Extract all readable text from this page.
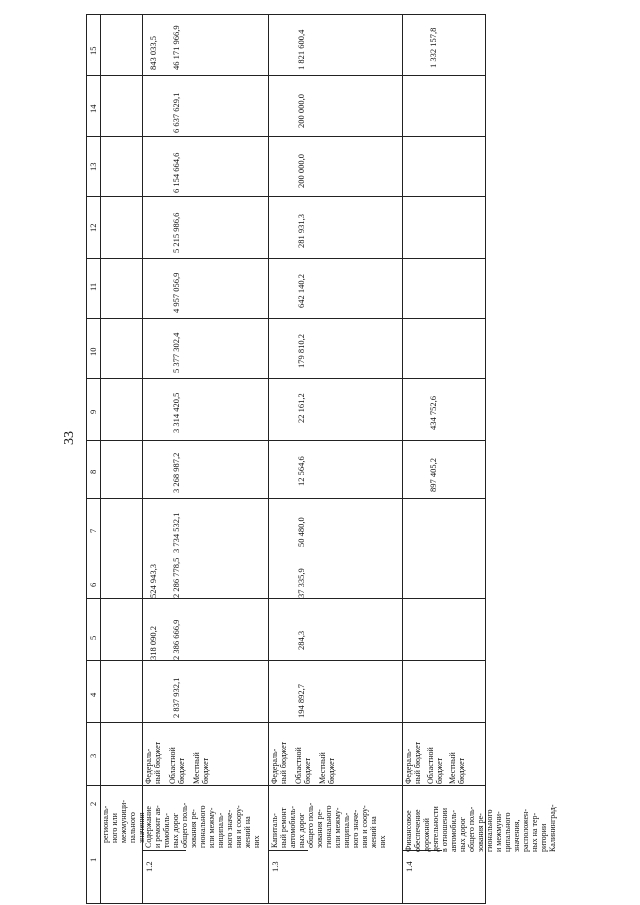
33
1
2
3
4
5
6
7
8
9
10
11
12
13
14
15
региональ-
ного или
межмуници-
пального
значения
1.2
Содержание
и ремонт ав-
томобиль-
ных дорог
общего поль-
зования ре-
гионального
или межму-
ниципаль-
ного значе-
ния и соору-
жений на
них
Федераль-
ный бюджет Областной
бюджет Местный
бюджет
2 837 932,1
318 090,2 2 386 666,9
524 943,3 2 286 778,5
3 734 532,1
3 268 987,2
3 314 420,5
5 377 302,4
4 957 056,9
5 215 986,6
6 154 664,6
6 637 629,1
843 033,5 46 171 966,9
1.3
Капиталь-
ный ремонт
автомобиль-
ных дорог
общего поль-
зования ре-
гионального
или межму-
ниципаль-
ного значе-
ния и соору-
жений на
них
Федераль-
ный бюджет Областной
бюджет Местный
бюджет
194 892,7
284,3
37 335,9
50 480,0
12 564,6
22 161,2
179 810,2
642 140,2
281 931,3
200 000,0
200 000,0
1 821 600,4
1.4
Финансовое
обеспечение
дорожной
деятельности
в отношении
автомобиль-
ных дорог
общего поль-
зования ре-
гионального
и межмуни-
ципального
значения,
расположен-
ных на тер-
ритории
Калининград-
Федераль-
ный бюджет Областной
бюджет Местный
бюджет
897 405,2
434 752,6
1 332 157,8
